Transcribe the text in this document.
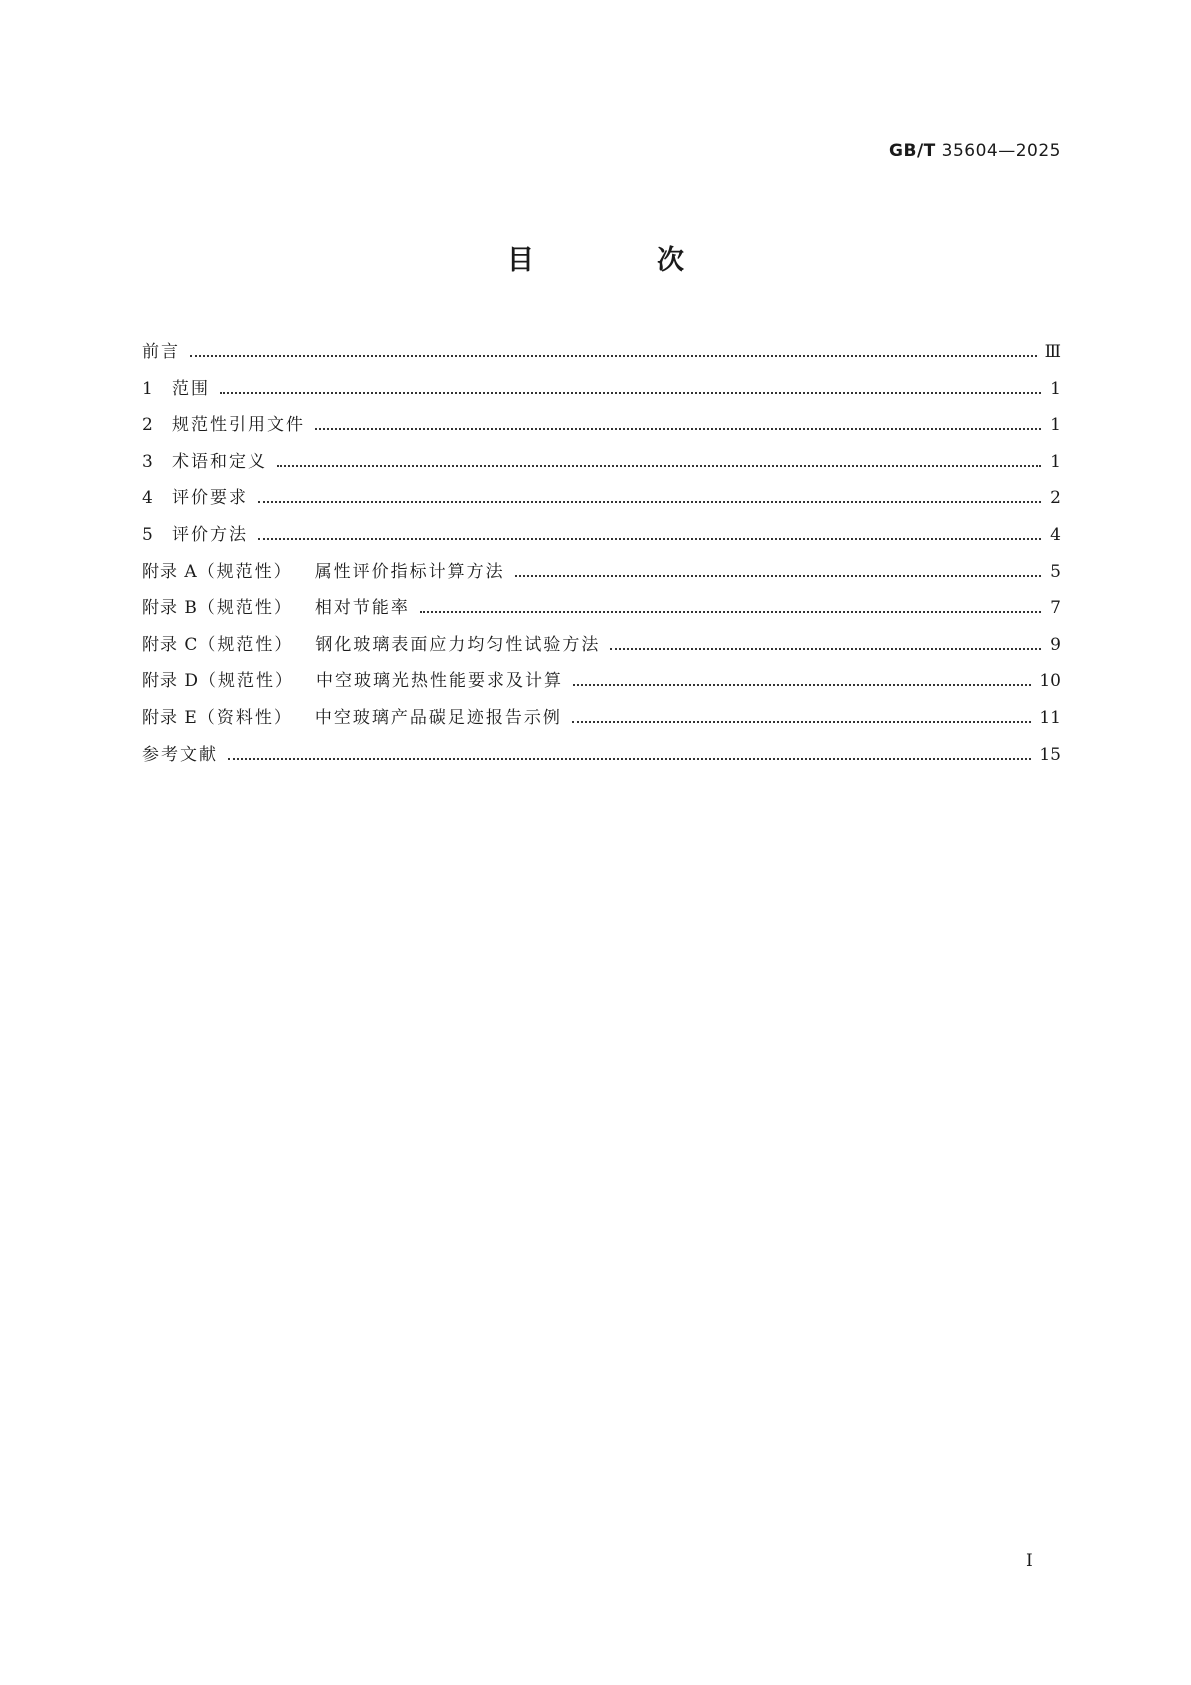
GB/T 35604—2025
目　次
前言	Ⅲ
1	范围	1
2	规范性引用文件	1
3	术语和定义	1
4	评价要求	2
5	评价方法	4
附录 A（规范性） 属性评价指标计算方法	5
附录 B（规范性） 相对节能率	7
附录 C（规范性） 钢化玻璃表面应力均匀性试验方法	9
附录 D（规范性） 中空玻璃光热性能要求及计算	10
附录 E（资料性） 中空玻璃产品碳足迹报告示例	11
参考文献	15
Ⅰ
